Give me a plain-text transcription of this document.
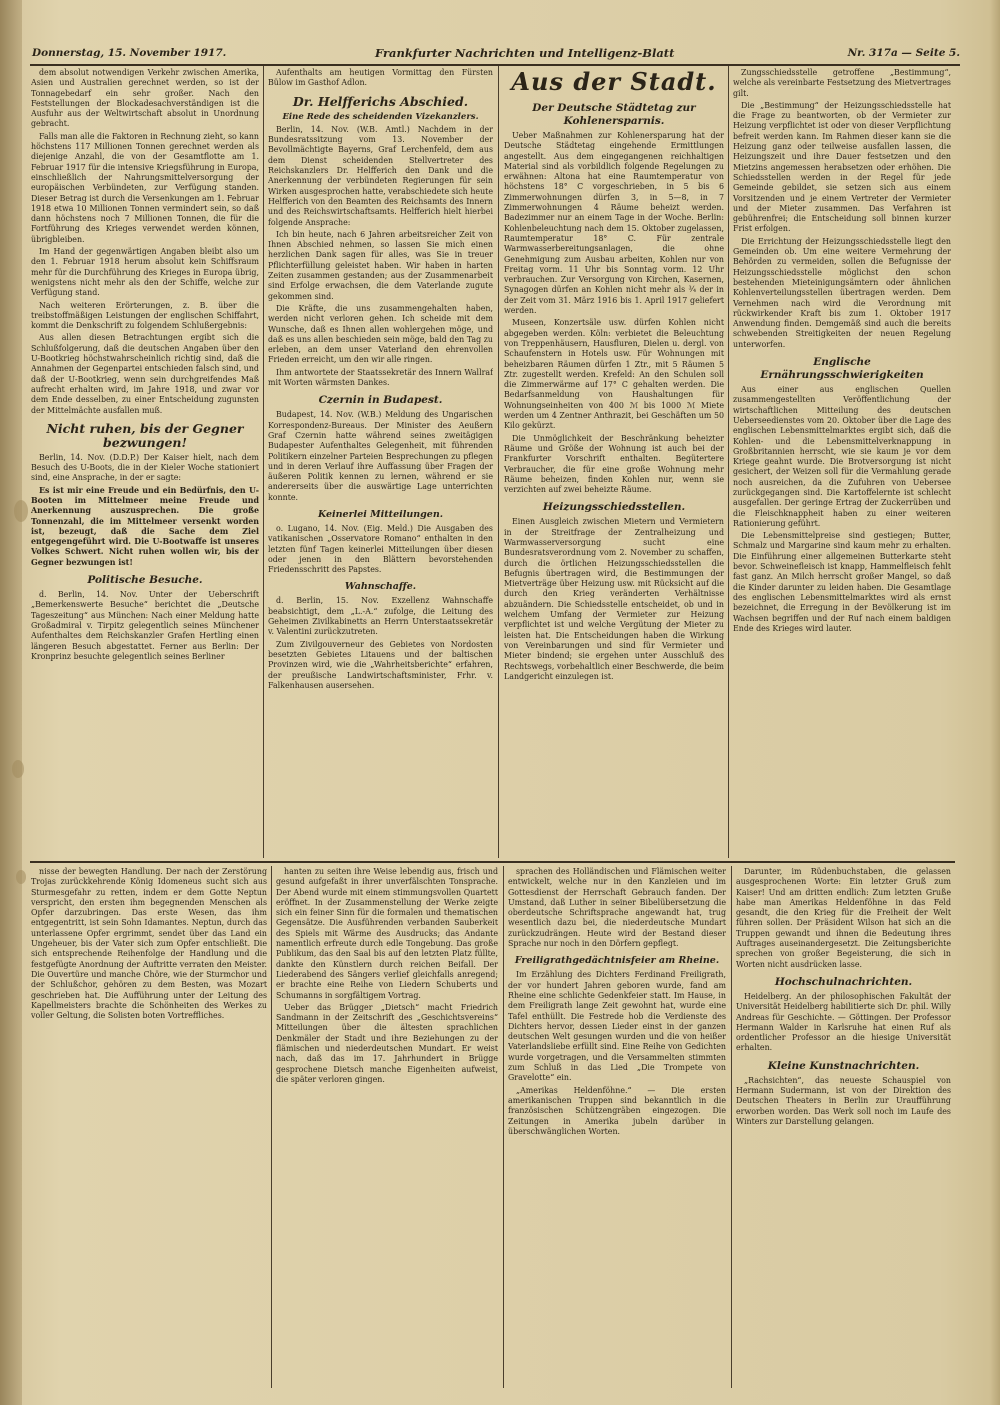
Donnerstag, 15. November 1917.	Frankfurter Nachrichten und Intelligenz-Blatt	Nr. 317a — Seite 5.

dem absolut notwendigen Verkehr zwischen Amerika, Asien und Australien gerechnet werden, so ist der Tonnagebedarf ein sehr großer. Nach den Feststellungen der Blockadesachverständigen ist die Ausfuhr aus der Weltwirtschaft absolut in Unordnung gebracht.

Falls man alle die Faktoren in Rechnung zieht, so kann höchstens 117 Millionen Tonnen gerechnet werden als diejenige Anzahl, die von der Gesamtflotte am 1. Februar 1917 für die intensive Kriegsführung in Europa, einschließlich der Nahrungsmittelversorgung der europäischen Verbündeten, zur Verfügung standen. Dieser Betrag ist durch die Versenkungen am 1. Februar 1918 etwa 10 Millionen Tonnen vermindert sein, so daß dann höchstens noch 7 Millionen Tonnen, die für die Fortführung des Krieges verwendet werden können, übrigbleiben.

Im Hand der gegenwärtigen Angaben bleibt also um den 1. Februar 1918 herum absolut kein Schiffsraum mehr für die Durchführung des Krieges in Europa übrig, wenigstens nicht mehr als den der Schiffe, welche zur Verfügung stand.

Nach weiteren Erörterungen, z. B. über die treibstoffmäßigen Leistungen der englischen Schiffahrt, kommt die Denkschrift zu folgendem Schlußergebnis:

Aus allen diesen Betrachtungen ergibt sich die Schlußfolgerung, daß die deutschen Angaben über den U-Bootkrieg höchstwahrscheinlich richtig sind, daß die Annahmen der Gegenpartei entschieden falsch sind, und daß der U-Bootkrieg, wenn sein durchgreifendes Maß aufrecht erhalten wird, im Jahre 1918, und zwar vor dem Ende desselben, zu einer Entscheidung zugunsten der Mittelmächte ausfallen muß.

Nicht ruhen, bis der Gegner bezwungen!

Berlin, 14. Nov. (D.D.P.) Der Kaiser hielt, nach dem Besuch des U-Boots, die in der Kieler Woche stationiert sind, eine Ansprache, in der er sagte:

Es ist mir eine Freude und ein Bedürfnis, den U-Booten im Mittelmeer meine Freude und Anerkennung auszusprechen. Die große Tonnenzahl, die im Mittelmeer versenkt worden ist, bezeugt, daß die Sache dem Ziel entgegengeführt wird. Die U-Bootwaffe ist unseres Volkes Schwert. Nicht ruhen wollen wir, bis der Gegner bezwungen ist!

Politische Besuche.

d. Berlin, 14. Nov. Unter der Ueberschrift „Bemerkenswerte Besuche“ berichtet die „Deutsche Tageszeitung“ aus München: Nach einer Meldung hatte Großadmiral v. Tirpitz gelegentlich seines Münchener Aufenthaltes dem Reichskanzler Grafen Hertling einen längeren Besuch abgestattet. Ferner aus Berlin: Der Kronprinz besuchte gelegentlich seines Berliner

Aufenthalts am heutigen Vormittag den Fürsten Bülow im Gasthof Adlon.

Dr. Helfferichs Abschied.
Eine Rede des scheidenden Vizekanzlers.

Berlin, 14. Nov. (W.B. Amtl.) Nachdem in der Bundesratssitzung vom 13. November der Bevollmächtigte Bayerns, Graf Lerchenfeld, dem aus dem Dienst scheidenden Stellvertreter des Reichskanzlers Dr. Helfferich den Dank und die Anerkennung der verbündeten Regierungen für sein Wirken ausgesprochen hatte, verabschiedete sich heute Helfferich von den Beamten des Reichsamts des Innern und des Reichswirtschaftsamts. Helfferich hielt hierbei folgende Ansprache:

Ich bin heute, nach 6 Jahren arbeitsreicher Zeit von Ihnen Abschied nehmen, so lassen Sie mich einen herzlichen Dank sagen für alles, was Sie in treuer Pflichterfüllung geleistet haben. Wir haben in harten Zeiten zusammen gestanden; aus der Zusammenarbeit sind Erfolge erwachsen, die dem Vaterlande zugute gekommen sind.

Die Kräfte, die uns zusammengehalten haben, werden nicht verloren gehen. Ich scheide mit dem Wunsche, daß es Ihnen allen wohlergehen möge, und daß es uns allen beschieden sein möge, bald den Tag zu erleben, an dem unser Vaterland den ehrenvollen Frieden erreicht, um den wir alle ringen.

Ihm antwortete der Staatssekretär des Innern Wallraf mit Worten wärmsten Dankes.

Czernin in Budapest.

Budapest, 14. Nov. (W.B.) Meldung des Ungarischen Korrespondenz-Bureaus. Der Minister des Aeußern Graf Czernin hatte während seines zweitägigen Budapester Aufenthaltes Gelegenheit, mit führenden Politikern einzelner Parteien Besprechungen zu pflegen und in deren Verlauf ihre Auffassung über Fragen der äußeren Politik kennen zu lernen, während er sie andererseits über die auswärtige Lage unterrichten konnte.

Keinerlei Mitteilungen.

o. Lugano, 14. Nov. (Eig. Meld.) Die Ausgaben des vatikanischen „Osservatore Romano“ enthalten in den letzten fünf Tagen keinerlei Mitteilungen über diesen oder jenen in den Blättern bevorstehenden Friedensschritt des Papstes.

Wahnschaffe.

d. Berlin, 15. Nov. Exzellenz Wahnschaffe beabsichtigt, dem „L.-A.“ zufolge, die Leitung des Geheimen Zivilkabinetts an Herrn Unterstaatssekretär v. Valentini zurückzutreten.

Zum Zivilgouverneur des Gebietes von Nordosten besetzten Gebietes Litauens und der baltischen Provinzen wird, wie die „Wahrheitsberichte“ erfahren, der preußische Landwirtschaftsminister, Frhr. v. Falkenhausen ausersehen.

Aus der Stadt.
Der Deutsche Städtetag zur Kohlenersparnis.

Ueber Maßnahmen zur Kohlenersparung hat der Deutsche Städtetag eingehende Ermittlungen angestellt. Aus dem eingegangenen reichhaltigen Material sind als vorbildlich folgende Regelungen zu erwähnen: Altona hat eine Raumtemperatur von höchstens 18° C vorgeschrieben, in 5 bis 6 Zimmerwohnungen dürfen 3, in 5—8, in 7 Zimmerwohnungen 4 Räume beheizt werden. Badezimmer nur an einem Tage in der Woche. Berlin: Kohlenbeleuchtung nach dem 15. Oktober zugelassen, Raumtemperatur 18° C. Für zentrale Warmwasserbereitungsanlagen, die ohne Genehmigung zum Ausbau arbeiten, Kohlen nur von Freitag vorm. 11 Uhr bis Sonntag vorm. 12 Uhr verbrauchen. Zur Versorgung von Kirchen, Kasernen, Synagogen dürfen an Kohlen nicht mehr als ¾ der in der Zeit vom 31. März 1916 bis 1. April 1917 geliefert werden.

Museen, Konzertsäle usw. dürfen Kohlen nicht abgegeben werden. Köln: verbietet die Beleuchtung von Treppenhäusern, Hausfluren, Dielen u. dergl. von Schaufenstern in Hotels usw. Für Wohnungen mit beheizbaren Räumen dürfen 1 Ztr., mit 5 Räumen 5 Ztr. zugestellt werden. Krefeld: An den Schulen soll die Zimmerwärme auf 17° C gehalten werden. Die Bedarfsanmeldung von Haushaltungen für Wohnungseinheiten von 400 ℳ bis 1000 ℳ Miete werden um 4 Zentner Anthrazit, bei Geschäften um 50 Kilo gekürzt.

Die Unmöglichkeit der Beschränkung beheizter Räume und Größe der Wohnung ist auch bei der Frankfurter Vorschrift enthalten. Begütertere Verbraucher, die für eine große Wohnung mehr Räume beheizen, finden Kohlen nur, wenn sie verzichten auf zwei beheizte Räume.

Heizungsschiedsstellen.

Einen Ausgleich zwischen Mietern und Vermietern in der Streitfrage der Zentralheizung und Warmwasserversorgung sucht eine Bundesratsverordnung vom 2. November zu schaffen, durch die örtlichen Heizungsschiedsstellen die Befugnis übertragen wird, die Bestimmungen der Mietverträge über Heizung usw. mit Rücksicht auf die durch den Krieg veränderten Verhältnisse abzuändern. Die Schiedsstelle entscheidet, ob und in welchem Umfang der Vermieter zur Heizung verpflichtet ist und welche Vergütung der Mieter zu leisten hat. Die Entscheidungen haben die Wirkung von Vereinbarungen und sind für Vermieter und Mieter bindend; sie ergehen unter Ausschluß des Rechtswegs, vorbehaltlich einer Beschwerde, die beim Landgericht einzulegen ist.

Zungsschiedsstelle getroffene „Bestimmung“, welche als vereinbarte Festsetzung des Mietvertrages gilt.

Die „Bestimmung“ der Heizungsschiedsstelle hat die Frage zu beantworten, ob der Vermieter zur Heizung verpflichtet ist oder von dieser Verpflichtung befreit werden kann. Im Rahmen dieser kann sie die Heizung ganz oder teilweise ausfallen lassen, die Heizungszeit und ihre Dauer festsetzen und den Mietzins angemessen herabsetzen oder erhöhen. Die Schiedsstellen werden in der Regel für jede Gemeinde gebildet, sie setzen sich aus einem Vorsitzenden und je einem Vertreter der Vermieter und der Mieter zusammen. Das Verfahren ist gebührenfrei; die Entscheidung soll binnen kurzer Frist erfolgen.

Die Errichtung der Heizungsschiedsstelle liegt den Gemeinden ob. Um eine weitere Vermehrung der Behörden zu vermeiden, sollen die Befugnisse der Heizungsschiedsstelle möglichst den schon bestehenden Mieteinigungsämtern oder ähnlichen Kohlenverteilungsstellen übertragen werden. Dem Vernehmen nach wird die Verordnung mit rückwirkender Kraft bis zum 1. Oktober 1917 Anwendung finden. Demgemäß sind auch die bereits schwebenden Streitigkeiten der neuen Regelung unterworfen.

Englische Ernährungsschwierigkeiten

Aus einer aus englischen Quellen zusammengestellten Veröffentlichung der wirtschaftlichen Mitteilung des deutschen Ueberseedienstes vom 20. Oktober über die Lage des englischen Lebensmittelmarktes ergibt sich, daß die Kohlen- und die Lebensmittelverknappung in Großbritannien herrscht, wie sie kaum je vor dem Kriege geahnt wurde. Die Brotversorgung ist nicht gesichert, der Weizen soll für die Vermahlung gerade noch ausreichen, da die Zufuhren von Uebersee zurückgegangen sind. Die Kartoffelernte ist schlecht ausgefallen. Der geringe Ertrag der Zuckerrüben und die Fleischknappheit haben zu einer weiteren Rationierung geführt.

Die Lebensmittelpreise sind gestiegen; Butter, Schmalz und Margarine sind kaum mehr zu erhalten. Die Einführung einer allgemeinen Butterkarte steht bevor. Schweinefleisch ist knapp, Hammelfleisch fehlt fast ganz. An Milch herrscht großer Mangel, so daß die Kinder darunter zu leiden haben. Die Gesamtlage des englischen Lebensmittelmarktes wird als ernst bezeichnet, die Erregung in der Bevölkerung ist im Wachsen begriffen und der Ruf nach einem baldigen Ende des Krieges wird lauter.

nisse der bewegten Handlung. Der nach der Zerstörung Trojas zurückkehrende König Idomeneus sucht sich aus Sturmesgefahr zu retten, indem er dem Gotte Neptun verspricht, den ersten ihm begegnenden Menschen als Opfer darzubringen. Das erste Wesen, das ihm entgegentritt, ist sein Sohn Idamantes. Neptun, durch das unterlassene Opfer ergrimmt, sendet über das Land ein Ungeheuer, bis der Vater sich zum Opfer entschließt. Die sich entsprechende Reihenfolge der Handlung und die festgefügte Anordnung der Auftritte verraten den Meister. Die Ouvertüre und manche Chöre, wie der Sturmchor und der Schlußchor, gehören zu dem Besten, was Mozart geschrieben hat. Die Aufführung unter der Leitung des Kapellmeisters brachte die Schönheiten des Werkes zu voller Geltung, die Solisten boten Vortreffliches.

hanten zu seiten ihre Weise lebendig aus, frisch und gesund aufgefaßt in ihrer unverfälschten Tonsprache. Der Abend wurde mit einem stimmungsvollen Quartett eröffnet. In der Zusammenstellung der Werke zeigte sich ein feiner Sinn für die formalen und thematischen Gegensätze. Die Ausführenden verbanden Sauberkeit des Spiels mit Wärme des Ausdrucks; das Andante namentlich erfreute durch edle Tongebung. Das große Publikum, das den Saal bis auf den letzten Platz füllte, dankte den Künstlern durch reichen Beifall. Der Liederabend des Sängers verlief gleichfalls anregend; er brachte eine Reihe von Liedern Schuberts und Schumanns in sorgfältigem Vortrag.

Ueber das Brügger „Dietsch“ macht Friedrich Sandmann in der Zeitschrift des „Geschichtsvereins“ Mitteilungen über die ältesten sprachlichen Denkmäler der Stadt und ihre Beziehungen zu der flämischen und niederdeutschen Mundart. Er weist nach, daß das im 17. Jahrhundert in Brügge gesprochene Dietsch manche Eigenheiten aufweist, die später verloren gingen.

sprachen des Holländischen und Flämischen weiter entwickelt, welche nur in den Kanzleien und im Gottesdienst der Herrschaft Gebrauch fanden. Der Umstand, daß Luther in seiner Bibelübersetzung die oberdeutsche Schriftsprache angewandt hat, trug wesentlich dazu bei, die niederdeutsche Mundart zurückzudrängen. Heute wird der Bestand dieser Sprache nur noch in den Dörfern gepflegt.

Freiligrathgedächtnisfeier am Rheine.

Im Erzählung des Dichters Ferdinand Freiligrath, der vor hundert Jahren geboren wurde, fand am Rheine eine schlichte Gedenkfeier statt. Im Hause, in dem Freiligrath lange Zeit gewohnt hat, wurde eine Tafel enthüllt. Die Festrede hob die Verdienste des Dichters hervor, dessen Lieder einst in der ganzen deutschen Welt gesungen wurden und die von heißer Vaterlandsliebe erfüllt sind. Eine Reihe von Gedichten wurde vorgetragen, und die Versammelten stimmten zum Schluß in das Lied „Die Trompete von Gravelotte“ ein.

„Amerikas Heldenföhne.“ — Die ersten amerikanischen Truppen sind bekanntlich in die französischen Schützengräben eingezogen. Die Zeitungen in Amerika jubeln darüber in überschwänglichen Worten.

Darunter, im Rüdenbuchstaben, die gelassen ausgesprochenen Worte: Ein letzter Gruß zum Kaiser! Und am dritten endlich: Zum letzten Gruße habe man Amerikas Heldenföhne in das Feld gesandt, die den Krieg für die Freiheit der Welt führen sollen. Der Präsident Wilson hat sich an die Truppen gewandt und ihnen die Bedeutung ihres Auftrages auseinandergesetzt. Die Zeitungsberichte sprechen von großer Begeisterung, die sich in Worten nicht ausdrücken lasse.

Hochschulnachrichten.

Heidelberg. An der philosophischen Fakultät der Universität Heidelberg habilitierte sich Dr. phil. Willy Andreas für Geschichte. — Göttingen. Der Professor Hermann Walder in Karlsruhe hat einen Ruf als ordentlicher Professor an die hiesige Universität erhalten.

Kleine Kunstnachrichten.

„Rachsichten“, das neueste Schauspiel von Hermann Sudermann, ist von der Direktion des Deutschen Theaters in Berlin zur Uraufführung erworben worden. Das Werk soll noch im Laufe des Winters zur Darstellung gelangen.
